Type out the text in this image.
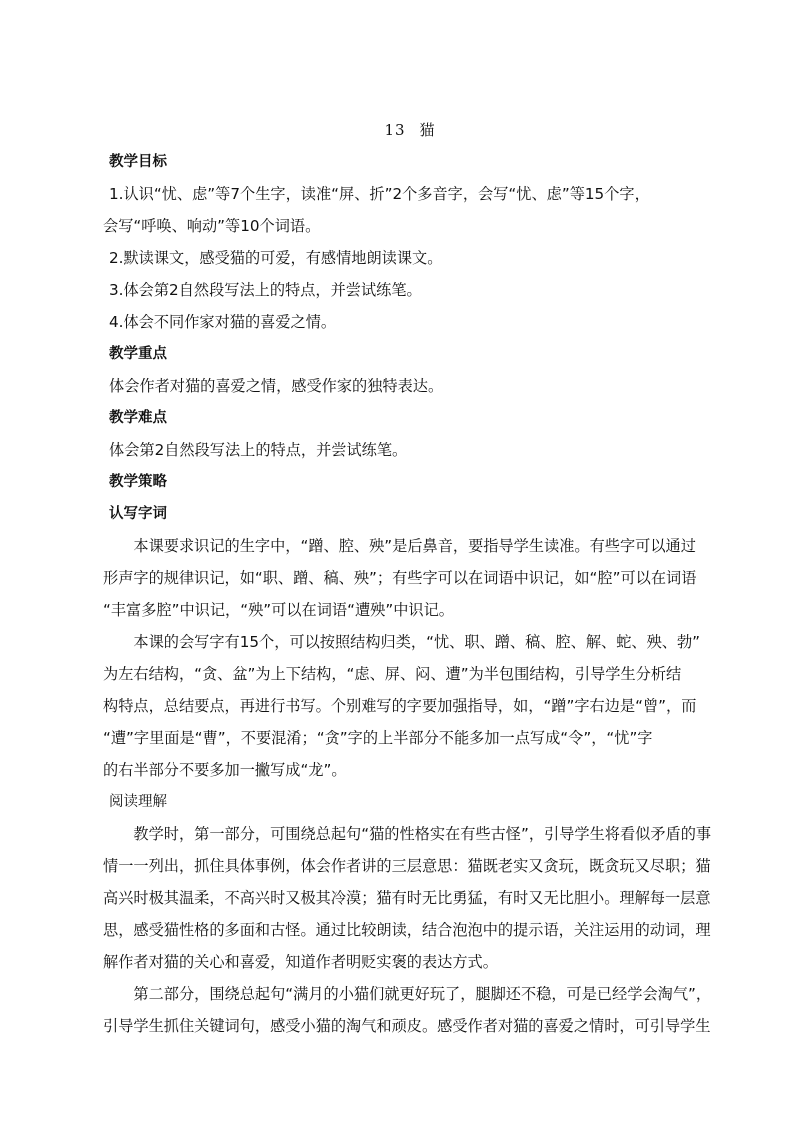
13 猫
教学目标

1.认识“忧、虑”等7个生字，读准“屏、折”2个多音字，会写“忧、虑”等15个字，

会写“呼唤、响动”等10个词语。

2.默读课文，感受猫的可爱，有感情地朗读课文。

3.体会第2自然段写法上的特点，并尝试练笔。

4.体会不同作家对猫的喜爱之情。

教学重点

体会作者对猫的喜爱之情，感受作家的独特表达。

教学难点

体会第2自然段写法上的特点，并尝试练笔。

教学策略
认写字词

本课要求识记的生字中，“蹭、腔、殃”是后鼻音，要指导学生读准。有些字可以通过
形声字的规律识记，如“职、蹭、稿、殃”；有些字可以在词语中识记，如“腔”可以在词语
“丰富多腔”中识记，“殃”可以在词语“遭殃”中识记。

本课的会写字有15个，可以按照结构归类，“忧、职、蹭、稿、腔、解、蛇、殃、勃”
为左右结构，“贪、盆”为上下结构，“虑、屏、闷、遭”为半包围结构，引导学生分析结
构特点，总结要点，再进行书写。个别难写的字要加强指导，如，“蹭”字右边是“曾”，而
“遭”字里面是“曹”，不要混淆；“贪”字的上半部分不能多加一点写成“令”，“忧”字
的右半部分不要多加一撇写成“龙”。

阅读理解

教学时，第一部分，可围绕总起句“猫的性格实在有些古怪”，引导学生将看似矛盾的事
情一一列出，抓住具体事例，体会作者讲的三层意思：猫既老实又贪玩，既贪玩又尽职；猫
高兴时极其温柔，不高兴时又极其冷漠；猫有时无比勇猛，有时又无比胆小。理解每一层意
思，感受猫性格的多面和古怪。通过比较朗读，结合泡泡中的提示语，关注运用的动词，理
解作者对猫的关心和喜爱，知道作者明贬实褒的表达方式。

第二部分，围绕总起句“满月的小猫们就更好玩了，腿脚还不稳，可是已经学会淘气”，
引导学生抓住关键词句，感受小猫的淘气和顽皮。感受作者对猫的喜爱之情时，可引导学生
